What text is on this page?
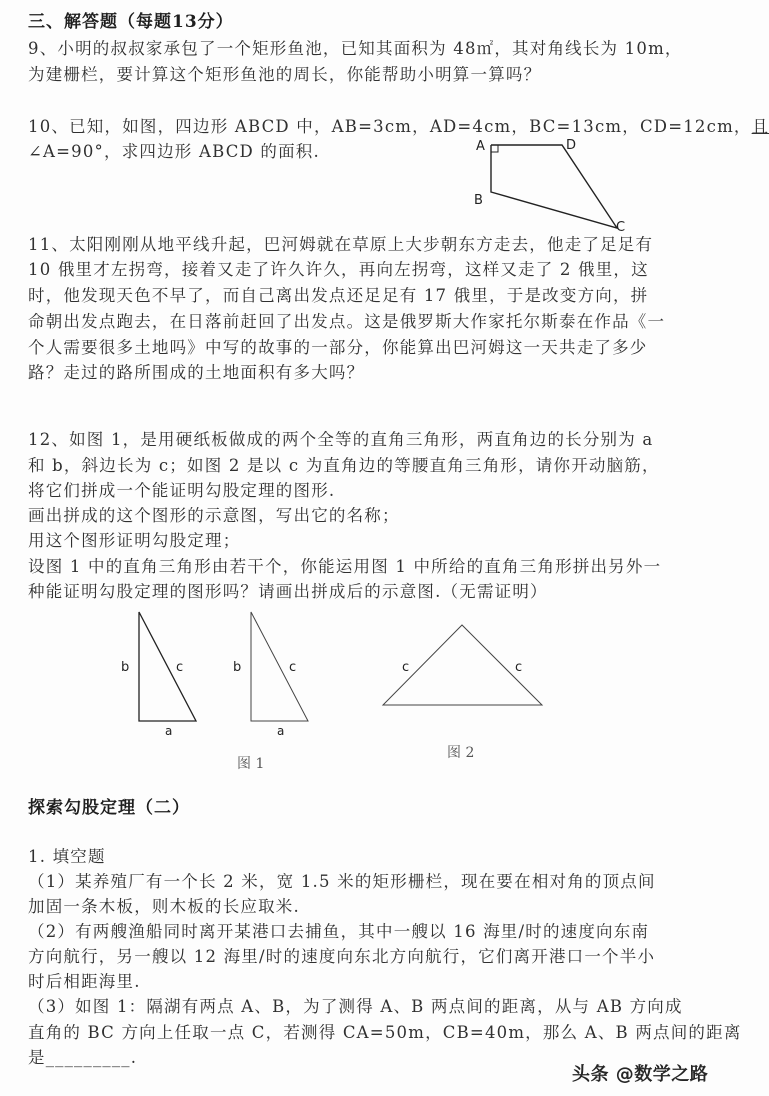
三、解答题（每题13分）
9、小明的叔叔家承包了一个矩形鱼池，已知其面积为 48㎡，其对角线长为 10m，
为建栅栏，要计算这个矩形鱼池的周长，你能帮助小明算一算吗？
10、已知，如图，四边形 ABCD 中，AB=3cm，AD=4cm，BC=13cm，CD=12cm，且
∠A=90°，求四边形 ABCD 的面积.	A
B
C
D
b	c
a
b	c
a
c	c
11、太阳刚刚从地平线升起，巴河姆就在草原上大步朝东方走去，他走了足足有
10 俄里才左拐弯，接着又走了许久许久，再向左拐弯，这样又走了 2 俄里，这
时，他发现天色不早了，而自己离出发点还足足有 17 俄里，于是改变方向，拼
命朝出发点跑去，在日落前赶回了出发点。这是俄罗斯大作家托尔斯泰在作品《一
个人需要很多土地吗》中写的故事的一部分，你能算出巴河姆这一天共走了多少
路？走过的路所围成的土地面积有多大吗？
12、如图 1，是用硬纸板做成的两个全等的直角三角形，两直角边的长分别为 a
和 b，斜边长为 c；如图 2 是以 c 为直角边的等腰直角三角形，请你开动脑筋，
将它们拼成一个能证明勾股定理的图形.
画出拼成的这个图形的示意图，写出它的名称；
用这个图形证明勾股定理；
设图 1 中的直角三角形由若干个，你能运用图 1 中所给的直角三角形拼出另外一
种能证明勾股定理的图形吗？请画出拼成后的示意图.（无需证明）
图 1
图 2
探索勾股定理（二）
1. 填空题
（1）某养殖厂有一个长 2 米，宽 1.5 米的矩形栅栏，现在要在相对角的顶点间
加固一条木板，则木板的长应取米.
（2）有两艘渔船同时离开某港口去捕鱼，其中一艘以 16 海里/时的速度向东南
方向航行，另一艘以 12 海里/时的速度向东北方向航行，它们离开港口一个半小
时后相距海里.
（3）如图 1：隔湖有两点 A、B，为了测得 A、B 两点间的距离，从与 AB 方向成
直角的 BC 方向上任取一点 C，若测得 CA=50m，CB=40m，那么 A、B 两点间的距离
是_________.
头条 @数学之路
